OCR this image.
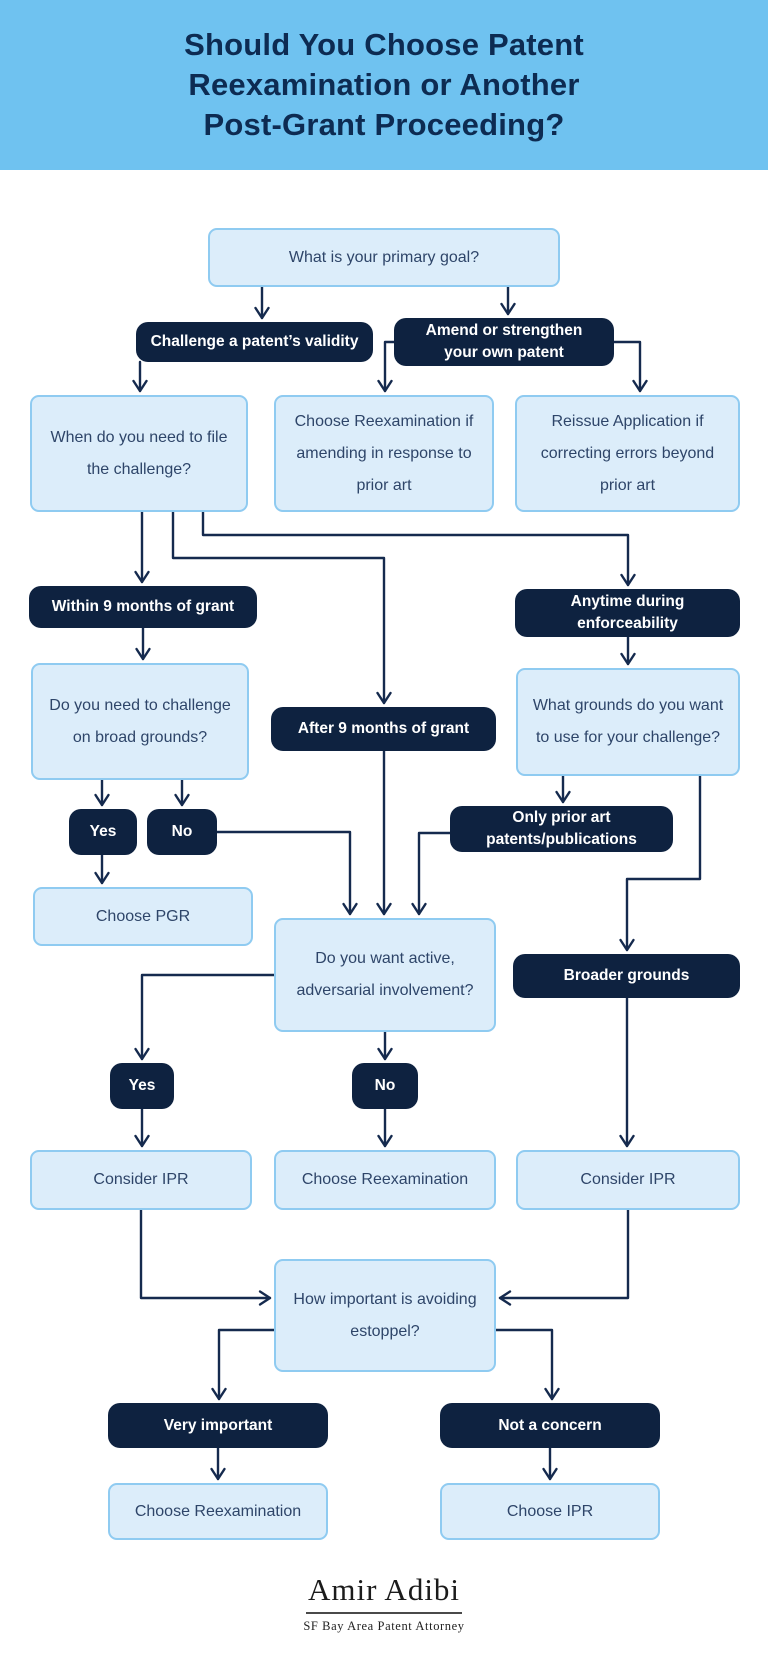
Should You Choose Patent
Reexamination or Another
Post-Grant Proceeding?
What is your primary goal?
Challenge a patent’s validity
Amend or strengthen
your own patent
When do you need to file the challenge?
Choose Reexamination if amending in response to prior art
Reissue Application if correcting errors beyond prior art
Within 9 months of grant	Anytime during
enforceability
Do you need to challenge on broad grounds?	After 9 months of grant
What grounds do you want to use for your challenge?
Yes	No
Only prior art
patents/publications
Choose PGR
Do you want active, adversarial involvement?
Broader grounds
Yes	No
Consider IPR	Choose Reexamination	Consider IPR
How important is avoiding estoppel?
Very important	Not a concern
Choose Reexamination	Choose IPR
Amir Adibi
SF Bay Area Patent Attorney
